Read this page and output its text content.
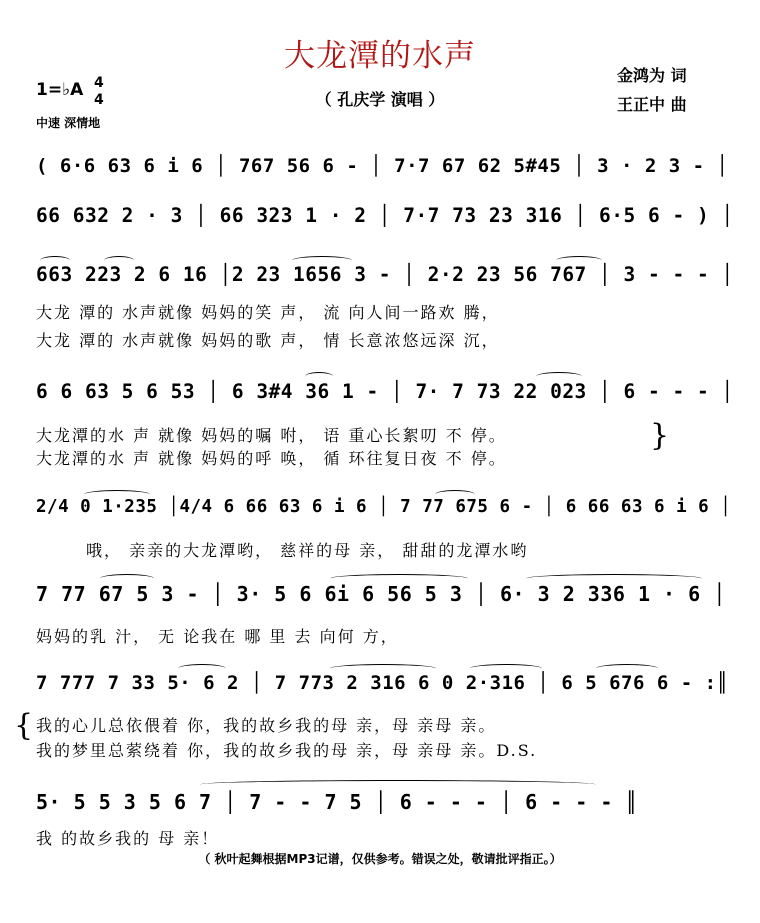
大龙潭的水声
（ 孔庆学 演唱 ）
金鸿为 词
王正中 曲
1=♭A 4
4
中速 深情地
( 6·6 63 6 i 6 │ 767 56 6 - │ 7·7 67 62 5#45 │ 3 · 2 3 - │
66 632 2 · 3 │ 66 323 1 · 2 │ 7·7 73 23 316 │ 6·5 6 - ) │
663 223 2 6 16 │2 23 1656 3 - │ 2·2 23 56 767 │ 3 - - - │
大龙 潭的 水声就像 妈妈的笑 声， 流 向人间一路欢 腾，
大龙 潭的 水声就像 妈妈的歌 声， 情 长意浓悠远深 沉，
6 6 63 5 6 53 │ 6 3#4 36 1 - │ 7· 7 73 22 023 │ 6 - - - │
大龙潭的水 声 就像 妈妈的嘱 咐， 语 重心长絮叨 不 停。
大龙潭的水 声 就像 妈妈的呼 唤， 循 环往复日夜 不 停。
}
2/4 0 1·235 │4/4 6 66 63 6 i 6 │ 7 77 675 6 - │ 6 66 63 6 i 6 │
哦， 亲亲的大龙潭哟， 慈祥的母 亲， 甜甜的龙潭水哟
7 77 67 5 3 - │ 3· 5 6 6i 6 56 5 3 │ 6· 3 2 336 1 · 6 │
妈妈的乳 汁， 无 论我在 哪 里 去 向何 方，
7 777 7 33 5· 6 2 │ 7 773 2 316 6 0 2·316 │ 6 5 676 6 - :║
我的心儿总依偎着 你，我的故乡我的母 亲，母 亲母 亲。
我的梦里总萦绕着 你，我的故乡我的母 亲，母 亲母 亲。D.S.
{
5· 5 5 3 5 6 7 │ 7 - - 7 5 │ 6 - - - │ 6 - - - ║
我 的故乡我的 母 亲！
（ 秋叶起舞根据MP3记谱，仅供参考。错误之处，敬请批评指正。）
